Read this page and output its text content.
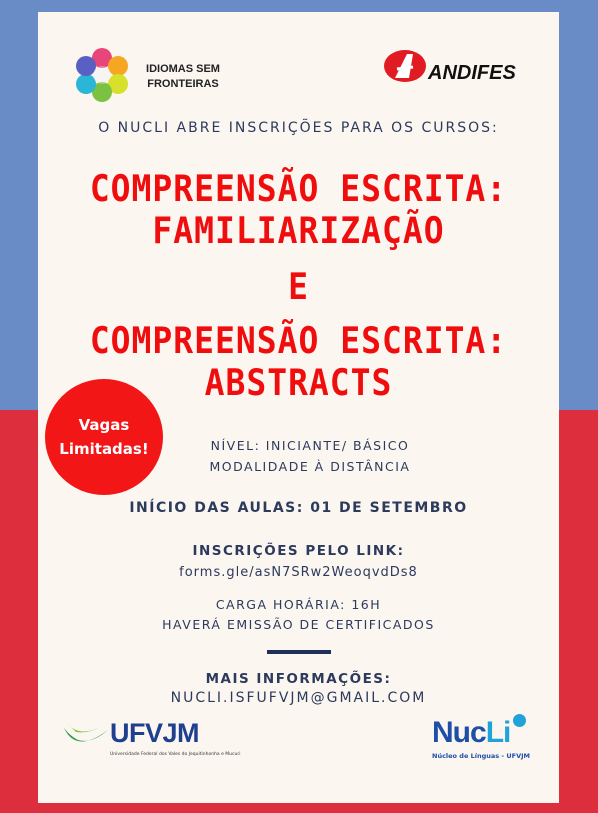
IDIOMAS SEM
FRONTEIRAS	ANDIFES
O NUCLI ABRE INSCRIÇÕES PARA OS CURSOS:
COMPREENSÃO ESCRITA:
FAMILIARIZAÇÃO
E
COMPREENSÃO ESCRITA:
ABSTRACTS
Vagas
Limitadas!	NÍVEL: INICIANTE/ BÁSICO
MODALIDADE À DISTÂNCIA
INÍCIO DAS AULAS: 01 DE SETEMBRO
INSCRIÇÕES PELO LINK:
forms.gle/asN7SRw2WeoqvdDs8
CARGA HORÁRIA: 16H
HAVERÁ EMISSÃO DE CERTIFICADOS
MAIS INFORMAÇÕES:
NUCLI.ISFUFVJM@GMAIL.COM
UFVJM
Universidade Federal dos Vales do Jequitinhonha e Mucuri
NucLi
Núcleo de Línguas - UFVJM
